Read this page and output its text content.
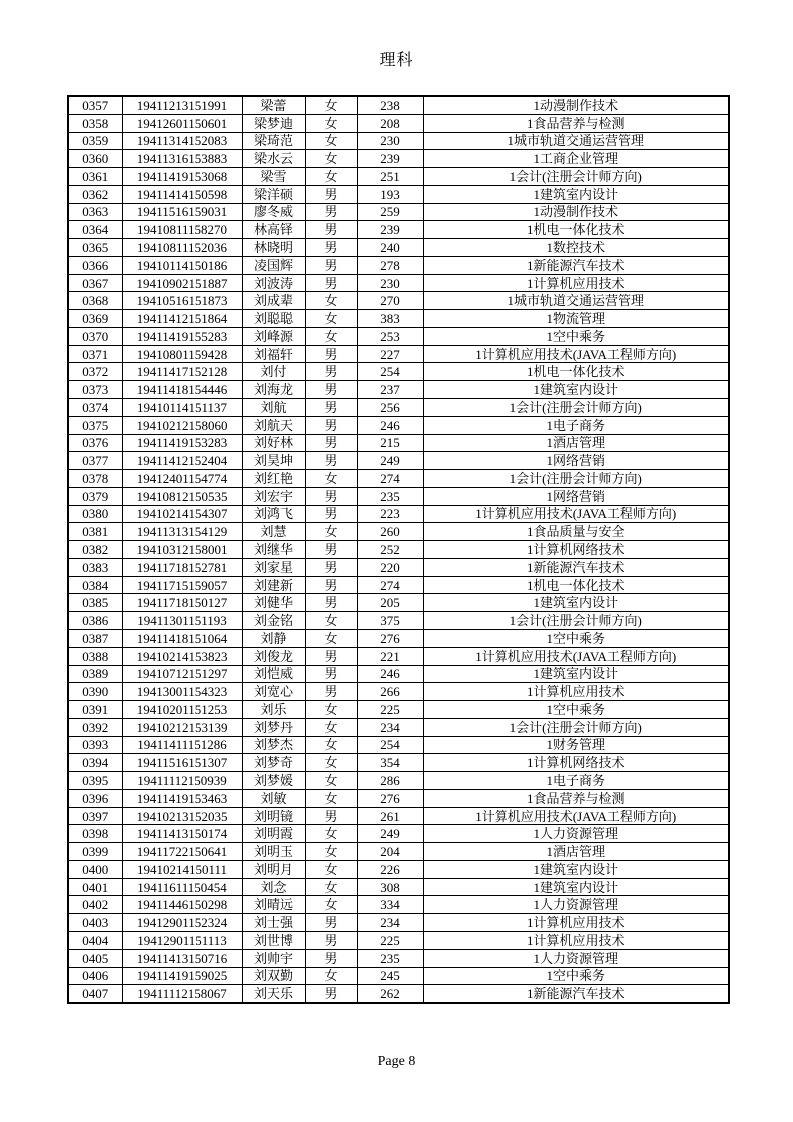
理科
0357	19411213151991	梁蕾	女	238	1动漫制作技术
0358	19412601150601	梁梦迪	女	208	1食品营养与检测
0359	19411314152083	梁琦范	女	230	1城市轨道交通运营管理
0360	19411316153883	梁水云	女	239	1工商企业管理
0361	19411419153068	梁雪	女	251	1会计(注册会计师方向)
0362	19411414150598	梁洋硕	男	193	1建筑室内设计
0363	19411516159031	廖冬威	男	259	1动漫制作技术
0364	19410811158270	林高铎	男	239	1机电一体化技术
0365	19410811152036	林晓明	男	240	1数控技术
0366	19410114150186	凌国辉	男	278	1新能源汽车技术
0367	19410902151887	刘波涛	男	230	1计算机应用技术
0368	19410516151873	刘成辈	女	270	1城市轨道交通运营管理
0369	19411412151864	刘聪聪	女	383	1物流管理
0370	19411419155283	刘峰源	女	253	1空中乘务
0371	19410801159428	刘福轩	男	227	1计算机应用技术(JAVA工程师方向)
0372	19411417152128	刘付	男	254	1机电一体化技术
0373	19411418154446	刘海龙	男	237	1建筑室内设计
0374	19410114151137	刘航	男	256	1会计(注册会计师方向)
0375	19410212158060	刘航天	男	246	1电子商务
0376	19411419153283	刘好林	男	215	1酒店管理
0377	19411412152404	刘昊坤	男	249	1网络营销
0378	19412401154774	刘红艳	女	274	1会计(注册会计师方向)
0379	19410812150535	刘宏宇	男	235	1网络营销
0380	19410214154307	刘鸿飞	男	223	1计算机应用技术(JAVA工程师方向)
0381	19411313154129	刘慧	女	260	1食品质量与安全
0382	19410312158001	刘继华	男	252	1计算机网络技术
0383	19411718152781	刘家星	男	220	1新能源汽车技术
0384	19411715159057	刘建新	男	274	1机电一体化技术
0385	19411718150127	刘健华	男	205	1建筑室内设计
0386	19411301151193	刘金铭	女	375	1会计(注册会计师方向)
0387	19411418151064	刘静	女	276	1空中乘务
0388	19410214153823	刘俊龙	男	221	1计算机应用技术(JAVA工程师方向)
0389	19410712151297	刘恺威	男	246	1建筑室内设计
0390	19413001154323	刘宽心	男	266	1计算机应用技术
0391	19410201151253	刘乐	女	225	1空中乘务
0392	19410212153139	刘梦丹	女	234	1会计(注册会计师方向)
0393	19411411151286	刘梦杰	女	254	1财务管理
0394	19411516151307	刘梦奇	女	354	1计算机网络技术
0395	19411112150939	刘梦媛	女	286	1电子商务
0396	19411419153463	刘敏	女	276	1食品营养与检测
0397	19410213152035	刘明镜	男	261	1计算机应用技术(JAVA工程师方向)
0398	19411413150174	刘明霞	女	249	1人力资源管理
0399	19411722150641	刘明玉	女	204	1酒店管理
0400	19410214150111	刘明月	女	226	1建筑室内设计
0401	19411611150454	刘念	女	308	1建筑室内设计
0402	19411446150298	刘晴远	女	334	1人力资源管理
0403	19412901152324	刘士强	男	234	1计算机应用技术
0404	19412901151113	刘世博	男	225	1计算机应用技术
0405	19411413150716	刘帅宇	男	235	1人力资源管理
0406	19411419159025	刘双勤	女	245	1空中乘务
0407	19411112158067	刘天乐	男	262	1新能源汽车技术
Page 8
